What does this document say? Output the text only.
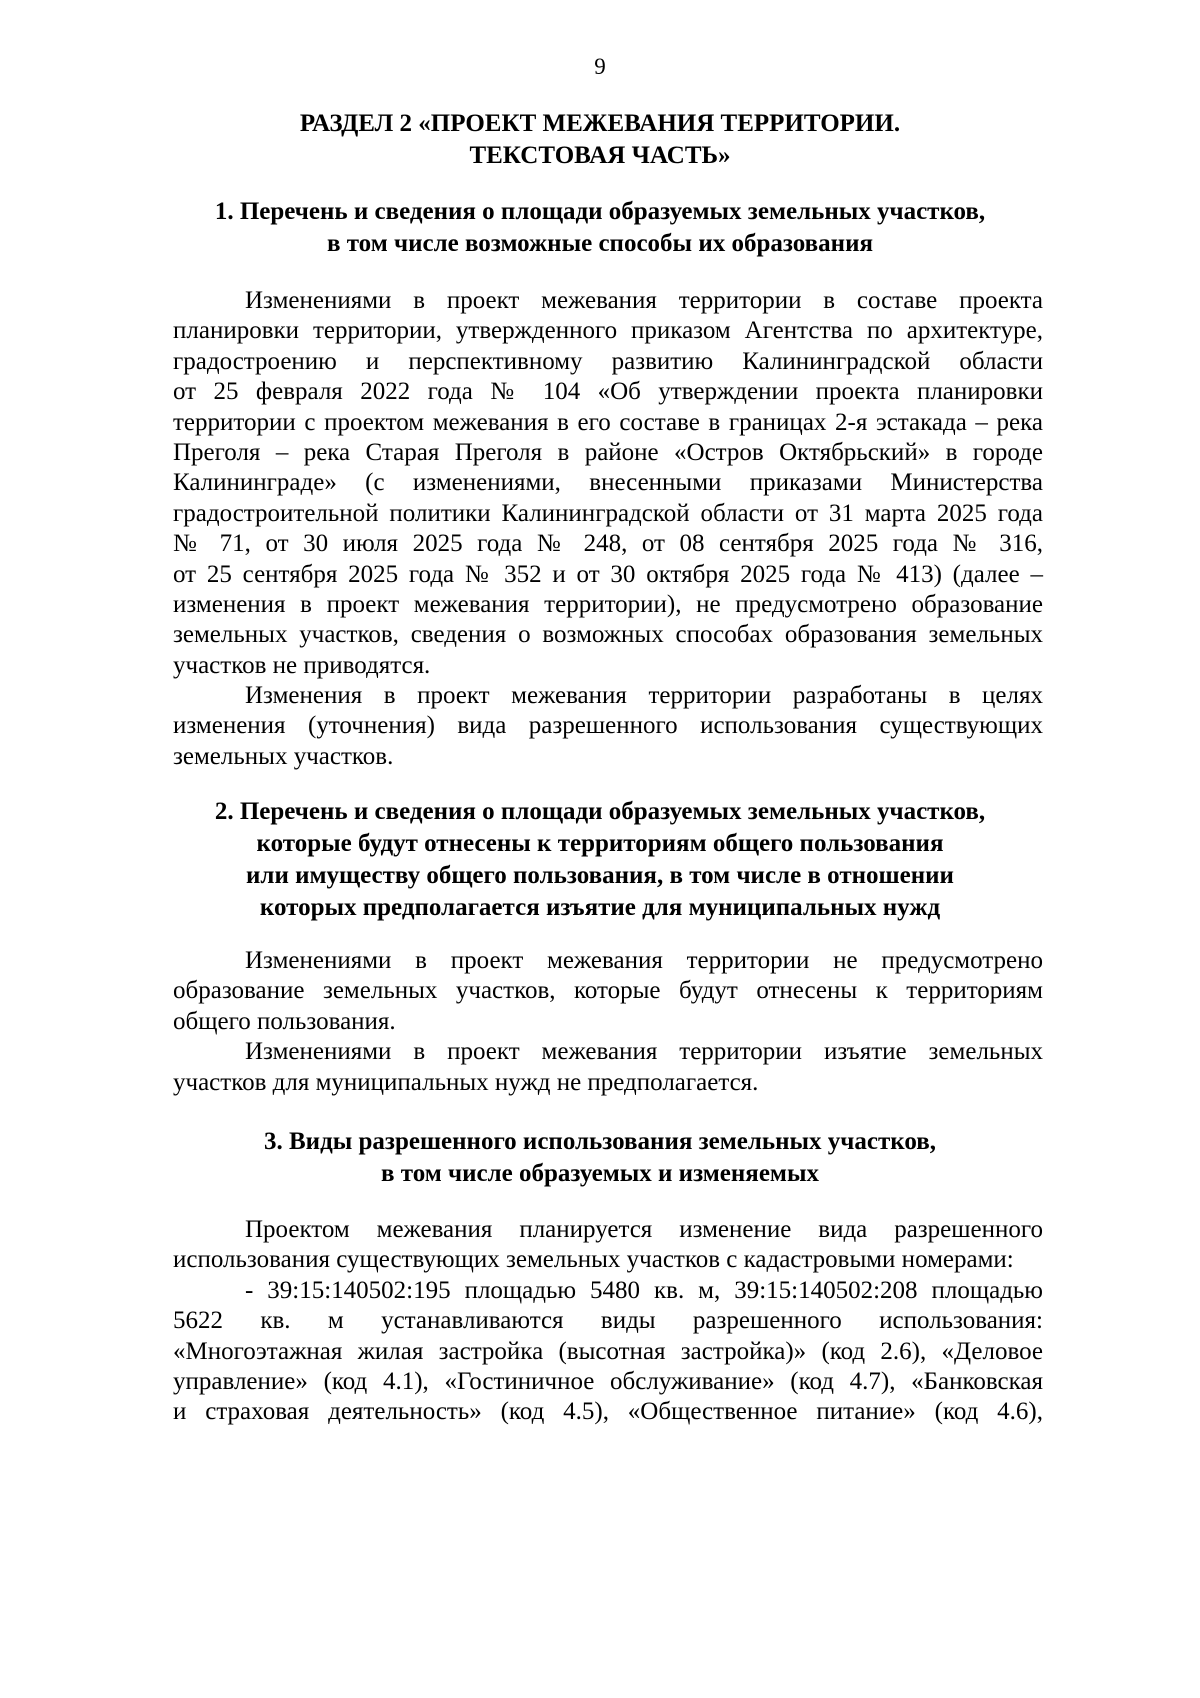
9
РАЗДЕЛ 2 «ПРОЕКТ МЕЖЕВАНИЯ ТЕРРИТОРИИ.
ТЕКСТОВАЯ ЧАСТЬ»
1. Перечень и сведения о площади образуемых земельных участков,
в том числе возможные способы их образования
Изменениями в проект межевания территории в составе проекта
планировки территории, утвержденного приказом Агентства по архитектуре,
градостроению и перспективному развитию Калининградской области
от 25 февраля 2022 года № 104 «Об утверждении проекта планировки
территории с проектом межевания в его составе в границах 2-я эстакада – река
Преголя – река Старая Преголя в районе «Остров Октябрьский» в городе
Калининграде» (с изменениями, внесенными приказами Министерства
градостроительной политики Калининградской области от 31 марта 2025 года
№ 71, от 30 июля 2025 года № 248, от 08 сентября 2025 года № 316,
от 25 сентября 2025 года № 352 и от 30 октября 2025 года № 413) (далее –
изменения в проект межевания территории), не предусмотрено образование
земельных участков, сведения о возможных способах образования земельных
участков не приводятся.
Изменения в проект межевания территории разработаны в целях
изменения (уточнения) вида разрешенного использования существующих
земельных участков.
2. Перечень и сведения о площади образуемых земельных участков,
которые будут отнесены к территориям общего пользования
или имуществу общего пользования, в том числе в отношении
которых предполагается изъятие для муниципальных нужд
Изменениями в проект межевания территории не предусмотрено
образование земельных участков, которые будут отнесены к территориям
общего пользования.
Изменениями в проект межевания территории изъятие земельных
участков для муниципальных нужд не предполагается.
3. Виды разрешенного использования земельных участков,
в том числе образуемых и изменяемых
Проектом межевания планируется изменение вида разрешенного
использования существующих земельных участков с кадастровыми номерами:
- 39:15:140502:195 площадью 5480 кв. м, 39:15:140502:208 площадью
5622 кв. м устанавливаются виды разрешенного использования:
«Многоэтажная жилая застройка (высотная застройка)» (код 2.6), «Деловое
управление» (код 4.1), «Гостиничное обслуживание» (код 4.7), «Банковская
и страховая деятельность» (код 4.5), «Общественное питание» (код 4.6),
